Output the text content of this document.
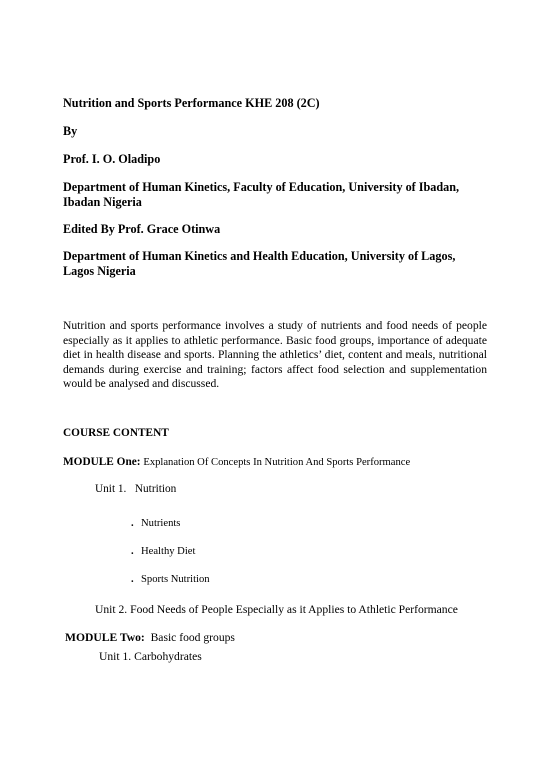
Nutrition and Sports Performance KHE 208 (2C)
By
Prof. I. O. Oladipo
Department of Human Kinetics, Faculty of Education, University of Ibadan, Ibadan Nigeria
Edited By Prof. Grace Otinwa
Department of Human Kinetics and Health Education, University of Lagos, Lagos Nigeria
Nutrition and sports performance involves a study of nutrients and food needs of people especially as it applies to athletic performance. Basic food groups, importance of adequate diet in health disease and sports. Planning the athletics’ diet, content and meals, nutritional demands during exercise and training; factors affect food selection and supplementation would be analysed and discussed.
COURSE CONTENT
MODULE One: Explanation Of Concepts In Nutrition And Sports Performance
Unit 1. Nutrition
. Nutrients
. Healthy Diet
. Sports Nutrition
Unit 2. Food Needs of People Especially as it Applies to Athletic Performance
MODULE Two: Basic food groups
Unit 1. Carbohydrates
